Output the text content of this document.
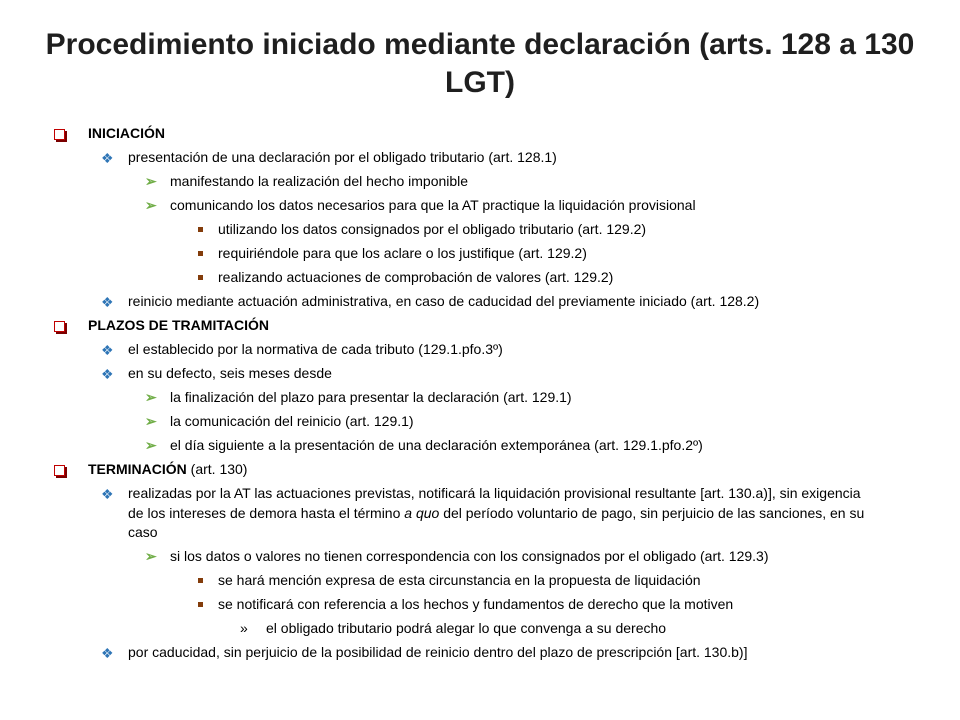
Procedimiento iniciado mediante declaración (arts. 128 a 130 LGT)
INICIACIÓN
❖ presentación de una declaración por el obligado tributario (art. 128.1)
➢ manifestando la realización del hecho imponible
➢ comunicando los datos necesarios para que la AT practique la liquidación provisional
utilizando los datos consignados por el obligado tributario (art. 129.2)
requiriéndole para que los aclare o los justifique (art. 129.2)
realizando actuaciones de comprobación de valores (art. 129.2)
❖ reinicio mediante actuación administrativa, en caso de caducidad del previamente iniciado (art. 128.2)
PLAZOS DE TRAMITACIÓN
❖ el establecido por la normativa de cada tributo (129.1.pfo.3º)
❖ en su defecto, seis meses desde
➢ la finalización del plazo para presentar la declaración (art. 129.1)
➢ la comunicación del reinicio (art. 129.1)
➢ el día siguiente a la presentación de una declaración extemporánea (art. 129.1.pfo.2º)
TERMINACIÓN (art. 130)
❖ realizadas por la AT las actuaciones previstas, notificará la liquidación provisional resultante [art. 130.a)], sin exigencia de los intereses de demora hasta el término a quo del período voluntario de pago, sin perjuicio de las sanciones, en su caso
➢ si los datos o valores no tienen correspondencia con los consignados por el obligado (art. 129.3)
se hará mención expresa de esta circunstancia en la propuesta de liquidación
se notificará con referencia a los hechos y fundamentos de derecho que la motiven
» el obligado tributario podrá alegar lo que convenga a su derecho
❖ por caducidad, sin perjuicio de la posibilidad de reinicio dentro del plazo de prescripción [art. 130.b)]
